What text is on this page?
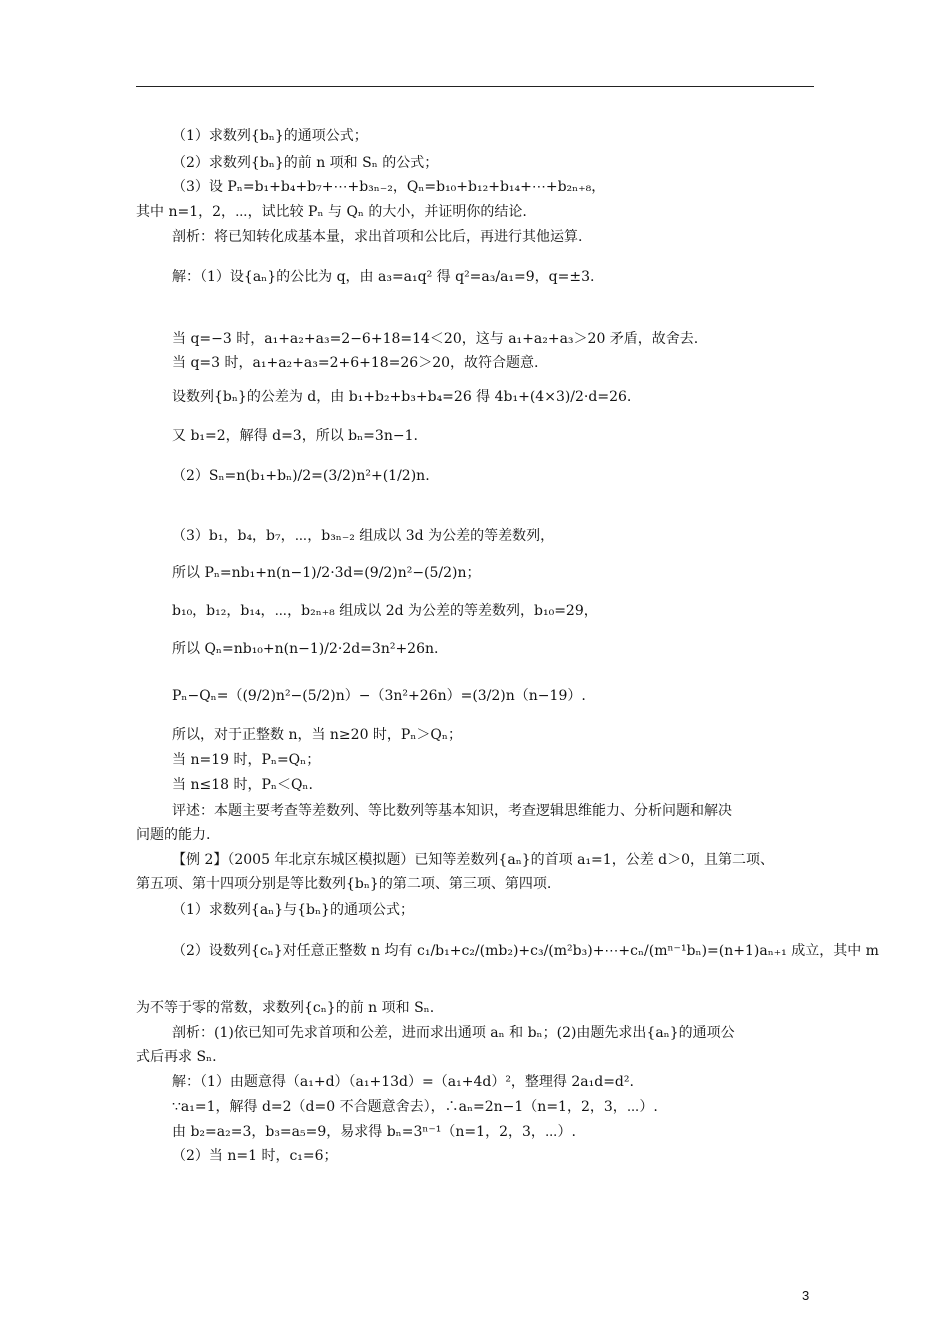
（1）求数列{bₙ}的通项公式；
（2）求数列{bₙ}的前 n 项和 Sₙ 的公式；
（3）设 Pₙ=b₁+b₄+b₇+⋯+b₃ₙ₋₂，Qₙ=b₁₀+b₁₂+b₁₄+⋯+b₂ₙ₊₈，
其中 n=1，2，⋯，试比较 Pₙ 与 Qₙ 的大小，并证明你的结论.
剖析：将已知转化成基本量，求出首项和公比后，再进行其他运算.
解：（1）设{aₙ}的公比为 q，由 a₃=a₁q² 得 q²=a₃/a₁=9，q=±3.
当 q=−3 时，a₁+a₂+a₃=2−6+18=14＜20，这与 a₁+a₂+a₃＞20 矛盾，故舍去.
当 q=3 时，a₁+a₂+a₃=2+6+18=26＞20，故符合题意.
设数列{bₙ}的公差为 d，由 b₁+b₂+b₃+b₄=26 得 4b₁+(4×3)/2·d=26.
又 b₁=2，解得 d=3，所以 bₙ=3n−1.
（2）Sₙ=n(b₁+bₙ)/2=(3/2)n²+(1/2)n.
（3）b₁，b₄，b₇，⋯，b₃ₙ₋₂ 组成以 3d 为公差的等差数列，
所以 Pₙ=nb₁+n(n−1)/2·3d=(9/2)n²−(5/2)n；
b₁₀，b₁₂，b₁₄，⋯，b₂ₙ₊₈ 组成以 2d 为公差的等差数列，b₁₀=29，
所以 Qₙ=nb₁₀+n(n−1)/2·2d=3n²+26n.
Pₙ−Qₙ=（(9/2)n²−(5/2)n）−（3n²+26n）=(3/2)n（n−19）.
所以，对于正整数 n，当 n≥20 时，Pₙ＞Qₙ；
当 n=19 时，Pₙ=Qₙ；
当 n≤18 时，Pₙ＜Qₙ.
评述：本题主要考查等差数列、等比数列等基本知识，考查逻辑思维能力、分析问题和解决
问题的能力.
【例 2】（2005 年北京东城区模拟题）已知等差数列{aₙ}的首项 a₁=1，公差 d＞0，且第二项、
第五项、第十四项分别是等比数列{bₙ}的第二项、第三项、第四项.
（1）求数列{aₙ}与{bₙ}的通项公式；
（2）设数列{cₙ}对任意正整数 n 均有 c₁/b₁+c₂/(mb₂)+c₃/(m²b₃)+⋯+cₙ/(mⁿ⁻¹bₙ)=(n+1)aₙ₊₁ 成立，其中 m
为不等于零的常数，求数列{cₙ}的前 n 项和 Sₙ.
剖析：(1)依已知可先求首项和公差，进而求出通项 aₙ 和 bₙ；(2)由题先求出{aₙ}的通项公
式后再求 Sₙ.
解：（1）由题意得（a₁+d）（a₁+13d）=（a₁+4d）²，整理得 2a₁d=d².
∵a₁=1，解得 d=2（d=0 不合题意舍去），∴aₙ=2n−1（n=1，2，3，⋯）.
由 b₂=a₂=3，b₃=a₅=9，易求得 bₙ=3ⁿ⁻¹（n=1，2，3，⋯）.
（2）当 n=1 时，c₁=6；
3
